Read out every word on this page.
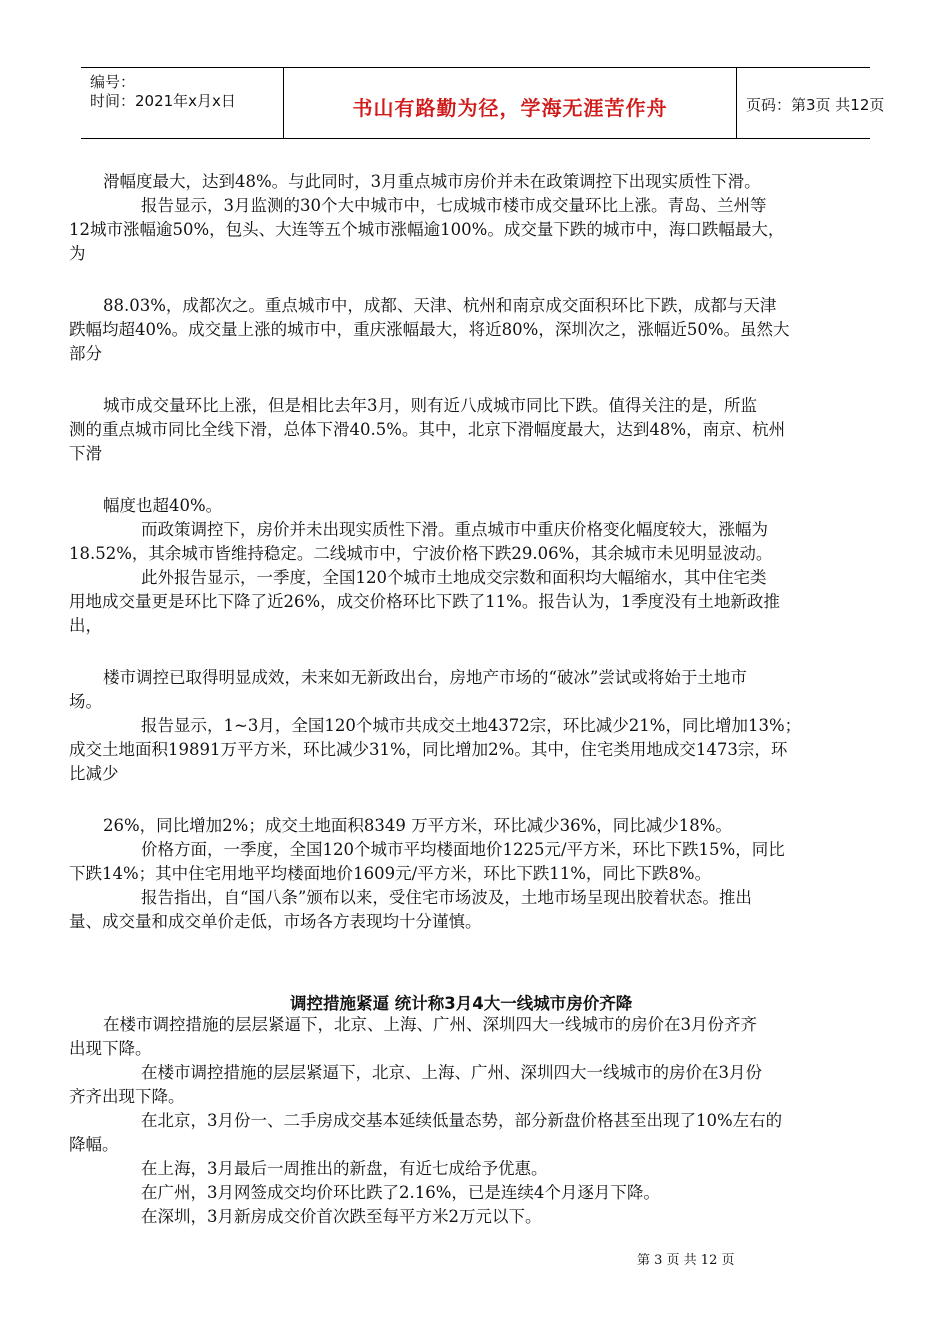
编号：
时间：2021年x月x日	书山有路勤为径，学海无涯苦作舟	页码：第3页 共12页
滑幅度最大，达到48%。与此同时，3月重点城市房价并未在政策调控下出现实质性下滑。
报告显示，3月监测的30个大中城市中，七成城市楼市成交量环比上涨。青岛、兰州等
12城市涨幅逾50%，包头、大连等五个城市涨幅逾100%。成交量下跌的城市中，海口跌幅最大，
为
88.03%，成都次之。重点城市中，成都、天津、杭州和南京成交面积环比下跌，成都与天津
跌幅均超40%。成交量上涨的城市中，重庆涨幅最大，将近80%，深圳次之，涨幅近50%。虽然大
部分
城市成交量环比上涨，但是相比去年3月，则有近八成城市同比下跌。值得关注的是，所监
测的重点城市同比全线下滑，总体下滑40.5%。其中，北京下滑幅度最大，达到48%，南京、杭州
下滑
幅度也超40%。
而政策调控下，房价并未出现实质性下滑。重点城市中重庆价格变化幅度较大，涨幅为
18.52%，其余城市皆维持稳定。二线城市中，宁波价格下跌29.06%，其余城市未见明显波动。
此外报告显示，一季度，全国120个城市土地成交宗数和面积均大幅缩水，其中住宅类
用地成交量更是环比下降了近26%，成交价格环比下跌了11%。报告认为，1季度没有土地新政推
出，
楼市调控已取得明显成效，未来如无新政出台，房地产市场的“破冰”尝试或将始于土地市
场。
报告显示，1~3月，全国120个城市共成交土地4372宗，环比减少21%，同比增加13%；
成交土地面积19891万平方米，环比减少31%，同比增加2%。其中，住宅类用地成交1473宗，环
比减少
26%，同比增加2%；成交土地面积8349 万平方米，环比减少36%，同比减少18%。
价格方面，一季度，全国120个城市平均楼面地价1225元/平方米，环比下跌15%，同比
下跌14%；其中住宅用地平均楼面地价1609元/平方米，环比下跌11%，同比下跌8%。
报告指出，自“国八条”颁布以来，受住宅市场波及，土地市场呈现出胶着状态。推出
量、成交量和成交单价走低，市场各方表现均十分谨慎。
调控措施紧逼 统计称3月4大一线城市房价齐降
在楼市调控措施的层层紧逼下，北京、上海、广州、深圳四大一线城市的房价在3月份齐齐
出现下降。
在楼市调控措施的层层紧逼下，北京、上海、广州、深圳四大一线城市的房价在3月份
齐齐出现下降。
在北京，3月份一、二手房成交基本延续低量态势，部分新盘价格甚至出现了10%左右的
降幅。
在上海，3月最后一周推出的新盘，有近七成给予优惠。
在广州，3月网签成交均价环比跌了2.16%，已是连续4个月逐月下降。
在深圳，3月新房成交价首次跌至每平方米2万元以下。
第 3 页 共 12 页
